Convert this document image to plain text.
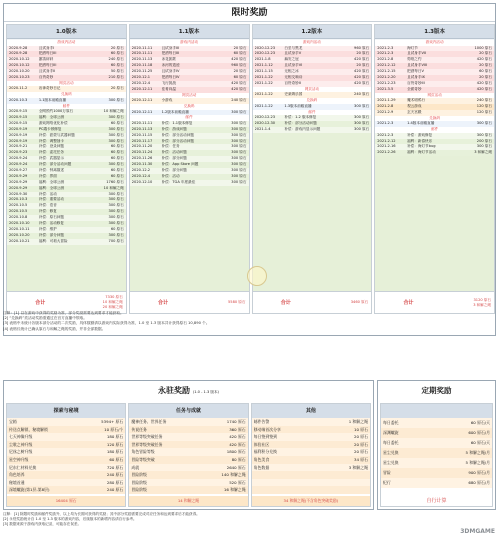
限时奖励
1.0版本
游戏内活动
2020.9.28	且试身手I	20 原石
2020.9.28	把酒每日III	60 原石
2020.10.12	鄙夷砰砰	240 原石
2020.10.12	把酒每日III	60 原石
2020.10.20	且试身手II	50 原石
2020.10.23	百货奇妙	210 原石
网页活动
2020.11.2	岩神奇妙日记	20 原石
兑换码
2020.10.3	1.1版本前瞻直播	300 原石
邮件
2020.9.15	全网预约1000万原石	10 和解之绳
2020.9.15	福利：全球公测	300 原石
2020.9.15	游戏网络优化补偿	60 原石
2020.9.19	PC端卡顿修复	300 原石
2020.9.19	补偿：派蒙与武器问题	300 原石
2020.9.19	补偿：调整抽卡	300 原石
2020.9.21	补偿：登录问题	60 原石
2020.9.23	补偿：委托任务	60 原石
2020.9.24	补偿：武器显示	60 原石
2020.9.24	补偿：部分活动问题	300 原石
2020.9.27	补偿：钟离描述	60 原石
2020.9.29	补偿：界面	60 原石
2020.9.29	福利：全球公测	1760 原石
2020.9.29	福利：全球公测	10 和解之绳
2020.9.30	补偿：活动	300 原石
2020.10.3	补偿：重要活动	300 原石
2020.10.5	补偿：语音	300 原石
2020.10.5	补偿：修复	300 原石
2020.10.8	补偿：原石问题	300 原石
2020.10.10	补偿：活动修复	300 原石
2020.10.11	补偿：维护	60 原石
2020.10.20	补偿：部分问题	300 原石
2020.10.21	福利：可莉大冒险	700 原石
合计
7330 原石
10 和解之绳
20 和解之绳
1.1版本
游戏内活动
2020.11.11	且试身手III	20 原石
2020.11.11	把酒每日III	60 原石
2020.11.13	冰花凯歌	420 原石
2020.11.18	冰河的遗迹	960 原石
2020.11.25	且试身手IV	20 原石
2020.12.1	把酒每日IV	60 原石
2020.12.4	飞行挑战	420 原石
2020.12.11	佳肴向温	420 原石
网页活动
2020.12.11	小游戏	240 原石
兑换码
2020.12.11	1.2版本前瞻直播	300 原石
邮件
2020.11.11	补偿：1.1版本修复	300 原石
2020.11.13	补偿：游戏问题	300 原石
2020.11.15	补偿：部分活动问题	300 原石
2020.11.17	补偿：部分活动问题	300 原石
2020.11.20	补偿：任务	300 原石
2020.11.24	补偿：活动问题	300 原石
2020.11.26	补偿：部分问题	300 原石
2020.11.30	补偿：App Store 问题	300 原石
2020.12.2	补偿：部分问题	300 原石
2020.12.4	补偿：活动	300 原石
2020.12.10	补偿：TGA 年度最佳	300 原石
合计	5580 原石
1.2版本
游戏内活动
2020.12.23	白垩与黑龙	960 原石
2020.12.23	且试身手V	20 原石
2021.1.8	赫安之冠	420 原石
2021.1.12	且试身手VI	20 原石
2021.1.15	无相之冰	420 原石
2021.1.22	无相交响诗	420 原石
2021.1.22	百货奇妙II	420 原石
网页活动
2021.1.22	史莱姆乐园	240 原石
兑换码
2021.1.22	1.3版本前瞻直播	300 原石
邮件
2020.12.23	补偿：1.2 版本修复	300 原石
2020.12.30	补偿：部分活动问题	300 原石
2021.1.4	补偿：游戏内显示问题	300 原石
合计	3460 原石
1.3版本
游戏内活动
2021.2.3	海灯节	1000 原石
2021.2.3	且试身手VII	20 原石
2021.2.8	剪纸之约	420 原石
2021.2.12	且试身手VIII	20 原石
2021.2.15	把酒每日V	60 原石
2021.2.20	且试身手IX	20 原石
2021.2.23	百货奇妙III	420 原石
2021.3.5	全面奇妙	420 原石
网页活动
2021.1.29	魔术明鸦行	240 原石
2021.2.8	观云游戏	120 原石
2021.2.9	玄天宫殿	120 原石
兑换码
2021.2.3	1.4版本前瞻直播	300 原石
邮件
2021.2.3	补偿：游戏修复	300 原石
2021.2.12	福利：新春快乐	200 原石
2021.2.16	补偿：海灯节bug	300 原石
2021.2.26	福利：海灯节活动	3 和解之绳
合计
3120 原石
3 和解之绳
注释：[1] 以在游戏中获得的奖励为准，部分奖励需要达到要求才能获取。
[2] “兑换码”类活动奖励需通过在官方直播中领取。
[3] 表格中未统计各版本部分活动的二次奖励，具体数额请以游戏内实际获得为准，1.0 至 1.3 版本共计获得原石 10,890 个。
[4] 表格仅统计已确认原石与和解之绳的奖励，并非全部数据。
永驻奖励 (1.0 - 1.3 版本)
探索与秘境
宝箱	5394+ 原石
传送点解锁、秘境解锁	10 原石/个
七天神像升级	180 原石
尘歌之神升级	120 原石
尼丝之树升级	180 原石
星空神升级	60 原石
尼东仁材料兑换	720 原石
角色培养	240 原石
秘境首通	280 原石
深境螺旋(第1层-第8层)	240 原石
16404 原石
任务与成就
魔神任务、世界任务	1740 原石
传说任务	360 原石
世界等级突破任务	420 原石
世界等级突破任务	420 原石
角色冒险等级	1800 原石
冒险等级突破	80 原石
成就	2640 原石
冒险阶级	140 和解之绳
冒险阶级	520 原石
冒险阶级	16 和解之绳
14 和解之绳
其他
邮件告警	1 和解之绳
移动端首次分享	10 原石
每日签到签到	20 原石
体验社区	20 原石
福利积分兑换	20 原石
角色美食	34 原石
角色数据	3 和解之绳
34 和解之绳(不含角色突破奖励)
定期奖励
每日委托	60 原石/天
深渊螺旋	600 原石/月
每日委托	60 原石/天
星尘兑换	5 和解之绳/月
星尘兑换	5 和解之绳/月
冒险	900 原石/月
纪行	680 原石/月
自行计算
注释：[1] 除限时奖励和邮件奖励外，以上均为长期可获得的奖励；其中部分奖励需要完成对应任务和达到要求后才能获得。
[2] 永驻奖励统计自 1.0 至 1.3 版本的游戏内容，后续版本的新增内容请自行参考。
[3] 数据来源于游戏内获取记录，可能存在误差。
3DMGAME
